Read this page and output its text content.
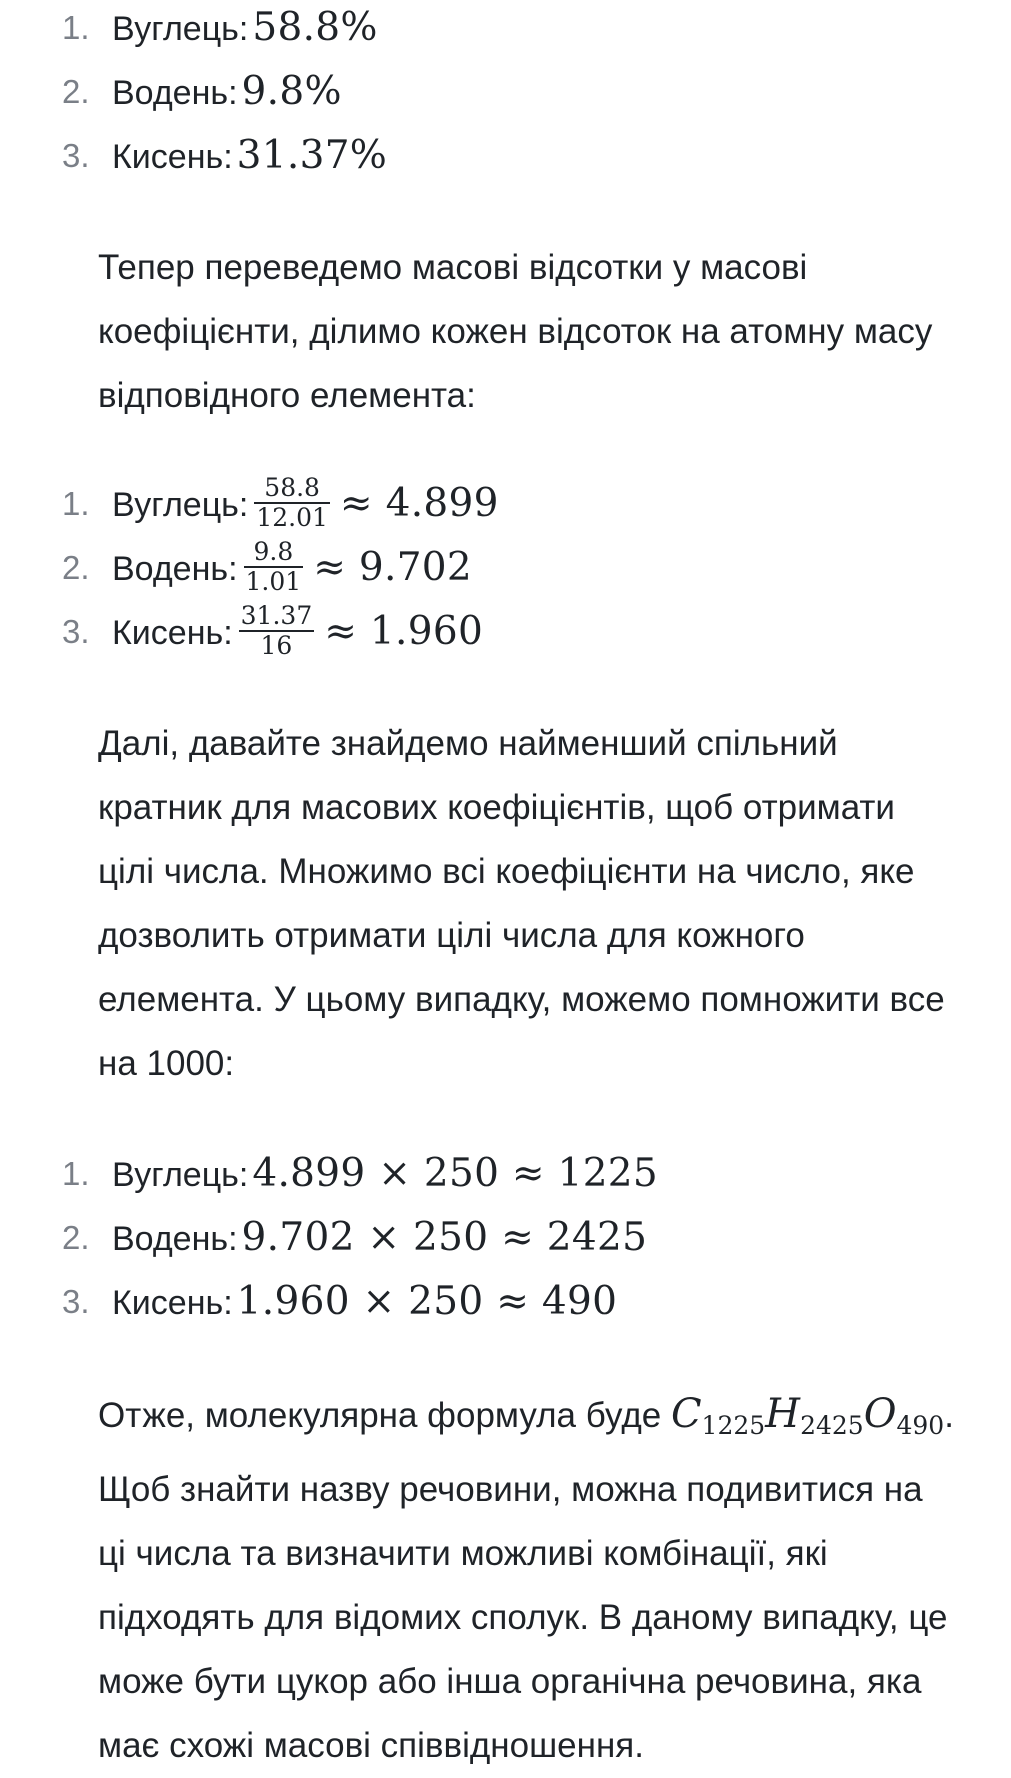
1. Вуглець: 58.8%
2. Водень: 9.8%
3. Кисень: 31.37%

Тепер переведемо масові відсотки у масові
коефіцієнти, ділимо кожен відсоток на атомну масу
відповідного елемента:

1. Вуглець: $\frac{58.8}{12.01} \approx 4.899$
2. Водень: $\frac{9.8}{1.01} \approx 9.702$
3. Кисень: $\frac{31.37}{16} \approx 1.960$

Далі, давайте знайдемо найменший спільний
кратник для масових коефіцієнтів, щоб отримати
цілі числа. Множимо всі коефіцієнти на число, яке
дозволить отримати цілі числа для кожного
елемента. У цьому випадку, можемо помножити все
на 1000:

1. Вуглець: 4.899 × 250 ≈ 1225
2. Водень: 9.702 × 250 ≈ 2425
3. Кисень: 1.960 × 250 ≈ 490

Отже, молекулярна формула буде $C_{1225}H_{2425}O_{490}$.
Щоб знайти назву речовини, можна подивитися на
ці числа та визначити можливі комбінації, які
підходять для відомих сполук. В даному випадку, це
може бути цукор або інша органічна речовина, яка
має схожі масові співвідношення.
